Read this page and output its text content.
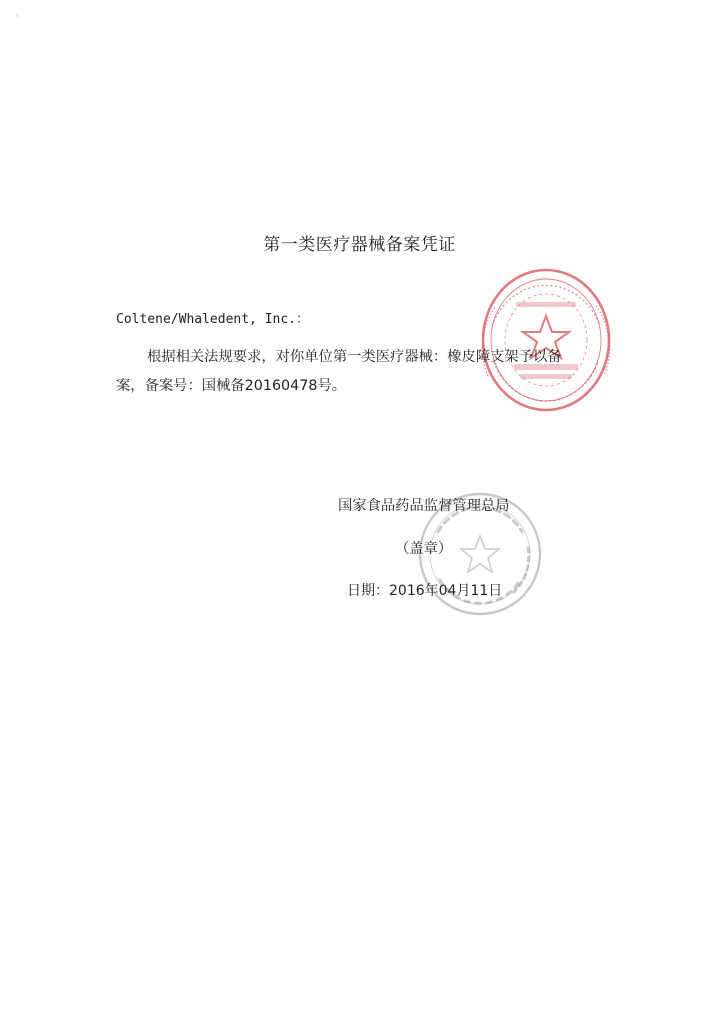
第一类医疗器械备案凭证
Coltene/Whaledent, Inc.：
根据相关法规要求，对你单位第一类医疗器械：橡皮障支架予以备
案，备案号：国械备20160478号。
国家食品药品监督管理总局
（盖章）
日期：2016年04月11日
